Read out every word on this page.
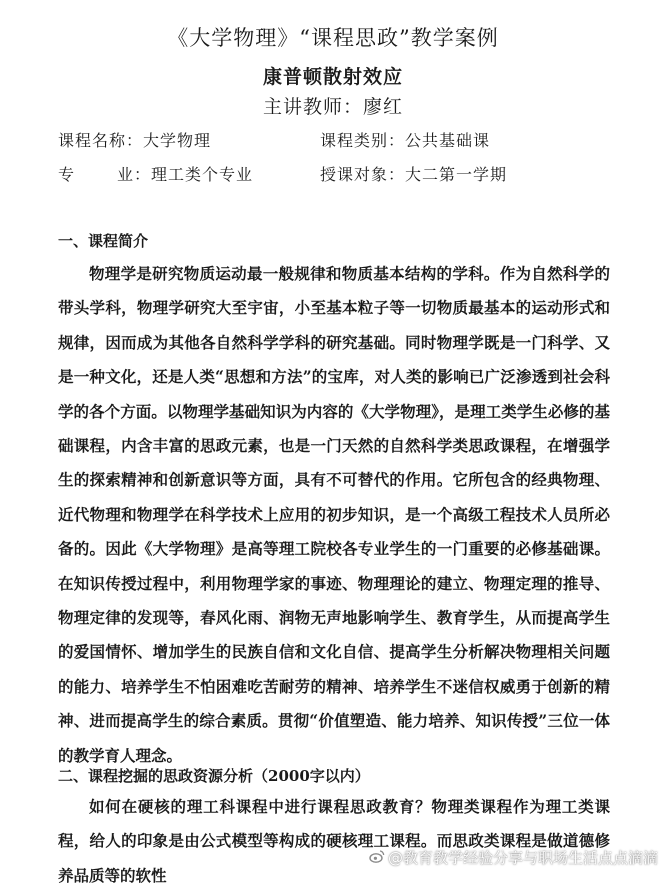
《大学物理》“课程思政”教学案例
康普顿散射效应
主讲教师：廖红
课程名称：大学物理	课程类别：公共基础课
专业：理工类个专业	授课对象：大二第一学期
一、课程简介

物理学是研究物质运动最一般规律和物质基本结构的学科。作为自然科学的带头学科，物理学研究大至宇宙，小至基本粒子等一切物质最基本的运动形式和规律，因而成为其他各自然科学学科的研究基础。同时物理学既是一门科学、又是一种文化，还是人类“思想和方法”的宝库，对人类的影响已广泛渗透到社会科学的各个方面。以物理学基础知识为内容的《大学物理》，是理工类学生必修的基础课程，内含丰富的思政元素，也是一门天然的自然科学类思政课程，在增强学生的探索精神和创新意识等方面，具有不可替代的作用。它所包含的经典物理、近代物理和物理学在科学技术上应用的初步知识，是一个高级工程技术人员所必备的。因此《大学物理》是高等理工院校各专业学生的一门重要的必修基础课。在知识传授过程中，利用物理学家的事迹、物理理论的建立、物理定理的推导、物理定律的发现等，春风化雨、润物无声地影响学生、教育学生，从而提高学生的爱国情怀、增加学生的民族自信和文化自信、提高学生分析解决物理相关问题的能力、培养学生不怕困难吃苦耐劳的精神、培养学生不迷信权威勇于创新的精神、进而提高学生的综合素质。贯彻“价值塑造、能力培养、知识传授”三位一体的教学育人理念。

二、课程挖掘的思政资源分析（2000字以内）

如何在硬核的理工科课程中进行课程思政教育？物理类课程作为理工类课程，给人的印象是由公式模型等构成的硬核理工课程。而思政类课程是做道德修养品质等的软性

@教育教学经验分享与职场生活点点滴滴
